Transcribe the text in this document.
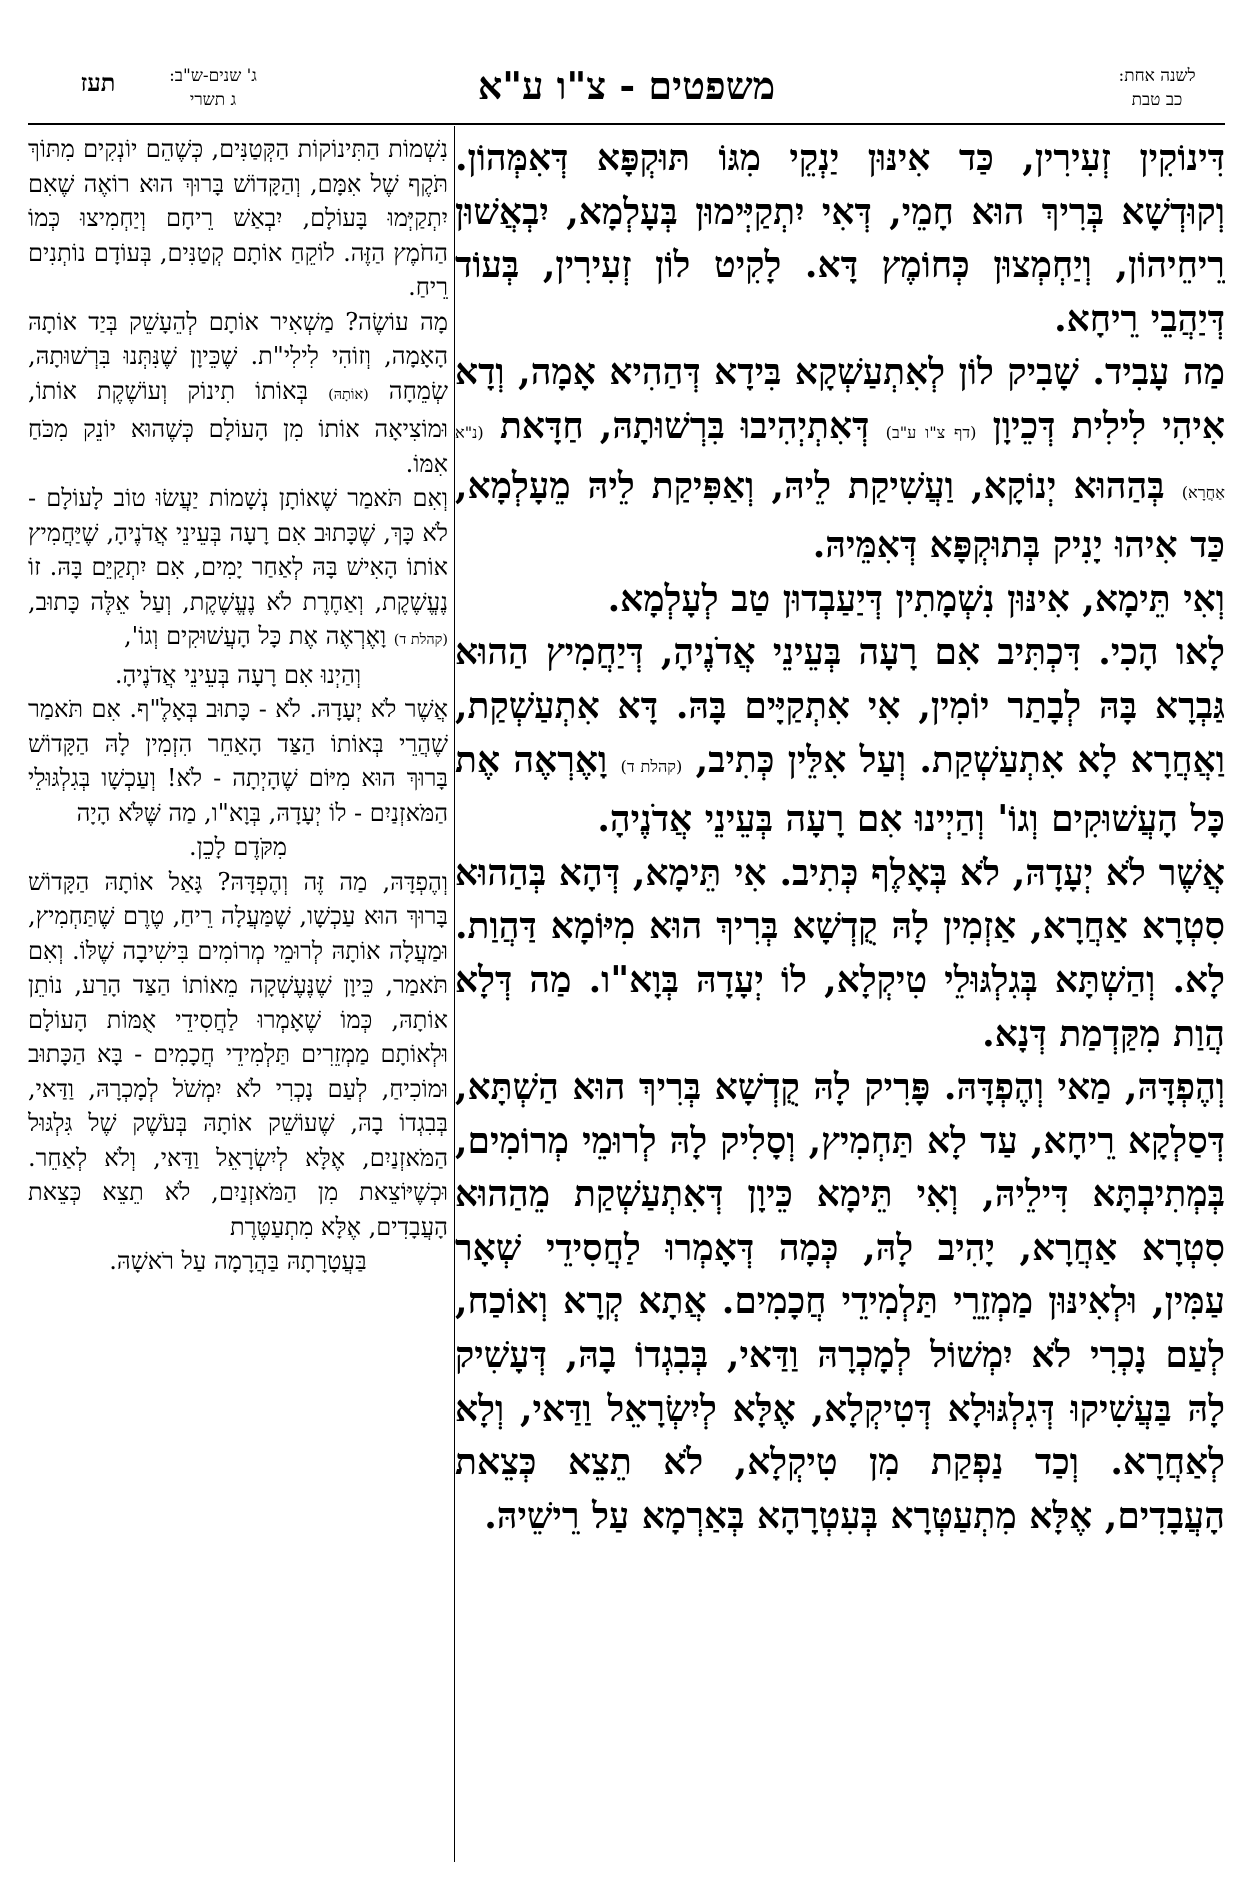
לשנה אחת:
כב טבת
משפטים - צ"ו ע"א
ג' שנים-ש"ב:
ג תשרי
תעז

דִּינוֹקִין זְעִירִין, כַּד אִינּוּן יַנְקֵי מִגּוֹ תּוּקְפָּא דְּאִמְּהוֹן. וְקוּדְשָׁא בְּרִיךְ הוּא חָמֵי, דְּאִי יִתְקַיְּימוּן בְּעָלְמָא, יִבְאֲשׁוּן רֵיחֵיהוֹן, וְיַחְמְצוּן כְּחוֹמֶץ דָּא. לָקִיט לוֹן זְעִירִין, בְּעוֹד דְּיַהֲבֵי רֵיחָא.

מַה עָבִיד. שָׁבִיק לוֹן לְאִתְעַשְׁקָא בִּידָא דְּהַהִיא אָמָה, וְדָא אִיהִי לִילִית דְּכֵיוָן (דף צ"ו ע"ב) דְּאִתְיְהִיבוּ בִּרְשׁוּתָהּ, חַדָּאת (נ"א אַחֲרָא) בְּהַהוּא יְנוֹקָא, וַעֲשִׁיקַת לֵיהּ, וְאַפִּיקַת לֵיהּ מֵעָלְמָא, כַּד אִיהוּ יָנִיק בְּתוּקְפָּא דְּאִמֵּיהּ.

וְאִי תֵּימָא, אִינּוּן נִשְׁמָתִין דְּיַעַבְדוּן טַב לְעָלְמָא.

לָאו הָכִי. דִּכְתִּיב אִם רָעָה בְּעֵינֵי אֲדֹנֶיהָ, דְּיַחֲמִיץ הַהוּא גַּבְרָא בָּהּ לְבָתַר יוֹמִין, אִי אִתְקַיָּים בָּהּ. דָּא אִתְעַשְׁקַת, וַאֲחֲרָא לָא אִתְעַשְׁקַת. וְעַל אִלֵּין כְּתִיב, (קהלת ד) וָאֶרְאֶה אֶת כָּל הָעֲשׁוּקִים וְגוֹ' וְהַיְינוּ אִם רָעָה בְּעֵינֵי אֲדֹנֶיהָ.

אֲשֶׁר לֹא יְעָדָהּ, לֹא בְּאָלֶף כְּתִיב. אִי תֵּימָא, דְּהָא בְּהַהוּא סִטְרָא אַחֲרָא, אַזְמִין לָהּ קֻדְשָׁא בְּרִיךְ הוּא מִיּוֹמָא דַּהֲוַת. לָא. וְהַשְׁתָּא בְּגִלְגּוּלֵי טִיקְלָא, לוֹ יְעָדָהּ בְּוָא"ו. מַה דְּלָא הֲוַת מִקַּדְמַת דְּנָא.

וְהֶפְדָּהּ, מַאי וְהֶפְדָּהּ. פָּרִיק לָהּ קֻדְשָׁא בְּרִיךְ הוּא הַשְׁתָּא, דְּסַלְקָא רֵיחָא, עַד לָא תַּחְמִיץ, וְסָלִיק לָהּ לְרוּמֵי מְרוֹמִים, בְּמְתִיבְתָּא דִּילֵיהּ, וְאִי תֵּימָא כֵּיוָן דְּאִתְעַשְׁקַת מֵהַהוּא סִטְרָא אַחֲרָא, יָהִיב לָהּ, כְּמָה דְּאָמְרוּ לַחֲסִידֵי שְׁאָר עַמִּין, וּלְאִינּוּן מַמְזֵרֵי תַּלְמִידֵי חֲכָמִים. אֲתָא קְרָא וְאוֹכַח, לְעַם נָכְרִי לֹא יִמְשׁוֹל לְמָכְרָהּ וַדַּאי, בְּבִגְדוֹ בָהּ, דְּעָשִׁיק לָהּ בַּעֲשִׁיקוּ דְּגִלְגּוּלָא דְּטִיקְלָא, אֶלָּא לְיִשְׂרָאֵל וַדַּאי, וְלָא לְאַחֲרָא. וְכַד נַפְקַת מִן טִיקְלָא, לֹא תֵצֵא כְּצֵאת הָעֲבָדִים, אֶלָּא מִתְעַטְּרָא בְּעִטְרָהָא בְּאַרְמָא עַל רֵישֵׁיהּ.

נִשְׁמוֹת הַתִּינוֹקוֹת הַקְּטַנִּים, כְּשֶׁהֵם יוֹנְקִים מִתּוֹךְ תֹּקֶף שֶׁל אִמָּם, וְהַקָּדוֹשׁ בָּרוּךְ הוּא רוֹאֶה שֶׁאִם יִתְקַיְּמוּ בָּעוֹלָם, יִבְאַשׁ רֵיחָם וְיַחְמִיצוּ כְּמוֹ הַחֹמֶץ הַזֶּה. לוֹקֵחַ אוֹתָם קְטַנִּים, בְּעוֹדָם נוֹתְנִים רֵיחַ.

מָה עוֹשֶׂה? מַשְׁאִיר אוֹתָם לְהֵעָשֵׁק בְּיַד אוֹתָהּ הָאָמָה, וְזוֹהִי לִילִי"ת. שֶׁכֵּיוָן שֶׁנִּתְּנוּ בִּרְשׁוּתָהּ, שְׂמֵחָה (אוֹתָהּ) בְּאוֹתוֹ תִינוֹק וְעוֹשֶׁקֶת אוֹתוֹ, וּמוֹצִיאָה אוֹתוֹ מִן הָעוֹלָם כְּשֶׁהוּא יוֹנֵק מִכֹּחַ אִמּוֹ.

וְאִם תֹּאמַר שֶׁאוֹתָן נְשָׁמוֹת יַעֲשׂוּ טוֹב לָעוֹלָם - לֹא כָּךְ, שֶׁכָּתוּב אִם רָעָה בְּעֵינֵי אֲדֹנֶיהָ, שֶׁיַּחֲמִיץ אוֹתוֹ הָאִישׁ בָּהּ לְאַחַר יָמִים, אִם יִתְקַיֵּם בָּהּ. זוֹ נֶעֱשֶׁקֶת, וְאַחֶרֶת לֹא נֶעֱשֶׁקֶת, וְעַל אֵלֶּה כָּתוּב, (קהלת ד) וָאֶרְאֶה אֶת כָּל הָעֲשׁוּקִים וְגוֹ',

וְהַיְנוּ אִם רָעָה בְּעֵינֵי אֲדֹנֶיהָ.

אֲשֶׁר לֹא יְעָדָהּ. לֹא - כָּתוּב בְּאָלֶ"ף. אִם תֹּאמַר שֶׁהֲרֵי בְּאוֹתוֹ הַצַּד הָאַחֵר הִזְמִין לָהּ הַקָּדוֹשׁ בָּרוּךְ הוּא מִיּוֹם שֶׁהָיְתָה - לֹא! וְעַכְשָׁו בְּגִלְגּוּלֵי הַמֹּאזְנַיִם - לוֹ יְעָדָהּ, בְּוָא"ו, מַה שֶּׁלֹּא הָיָה

מִקֹּדֶם לָכֵן.

וְהֶפְדָּהּ, מַה זֶּה וְהֶפְדָּהּ? גָּאַל אוֹתָהּ הַקָּדוֹשׁ בָּרוּךְ הוּא עַכְשָׁו, שֶׁמַּעֲלָה רֵיחַ, טֶרֶם שֶׁתַּחְמִיץ, וּמַעֲלָה אוֹתָהּ לְרוּמֵי מְרוֹמִים בִּישִׁיבָה שֶׁלּוֹ. וְאִם תֹּאמַר, כֵּיוָן שֶׁנֶּעֶשְׁקָה מֵאוֹתוֹ הַצַּד הָרַע, נוֹתֵן אוֹתָהּ, כְּמוֹ שֶׁאָמְרוּ לַחֲסִידֵי אֻמּוֹת הָעוֹלָם וּלְאוֹתָם מַמְזֵרִים תַּלְמִידֵי חֲכָמִים - בָּא הַכָּתוּב וּמוֹכִיחַ, לְעַם נָכְרִי לֹא יִמְשֹׁל לְמָכְרָהּ, וַדַּאי, בְּבִגְדוֹ בָהּ, שֶׁעוֹשֵׁק אוֹתָהּ בְּעֹשֶׁק שֶׁל גִּלְגּוּל הַמֹּאזְנַיִם, אֶלָּא לְיִשְׂרָאֵל וַדַּאי, וְלֹא לְאַחֵר. וּכְשֶׁיּוֹצֵאת מִן הַמֹּאזְנַיִם, לֹא תֵצֵא כְּצֵאת הָעֲבָדִים, אֶלָּא מִתְעַטֶּרֶת

בַּעֲטָרָתָהּ בַּהֲרָמָה עַל רֹאשָׁהּ.
